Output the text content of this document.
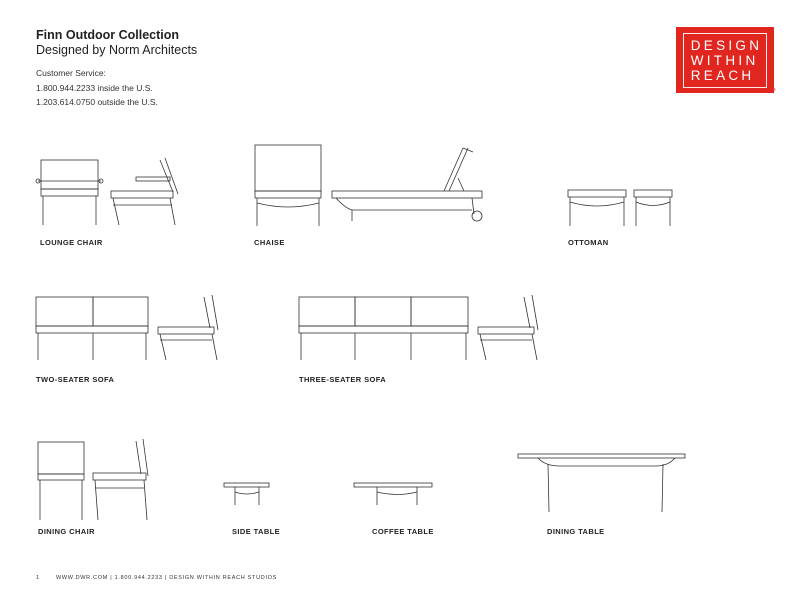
Finn Outdoor Collection
Designed by Norm Architects
Customer Service:
1.800.944.2233 inside the U.S.
1.203.614.0750 outside the U.S.
DESIGN
WITHIN
REACH
®
LOUNGE CHAIR	CHAISE	OTTOMAN
TWO-SEATER SOFA	THREE-SEATER SOFA
DINING CHAIR	SIDE TABLE	COFFEE TABLE	DINING TABLE
1	WWW.DWR.COM | 1.800.944.2233 | DESIGN WITHIN REACH STUDIOS
